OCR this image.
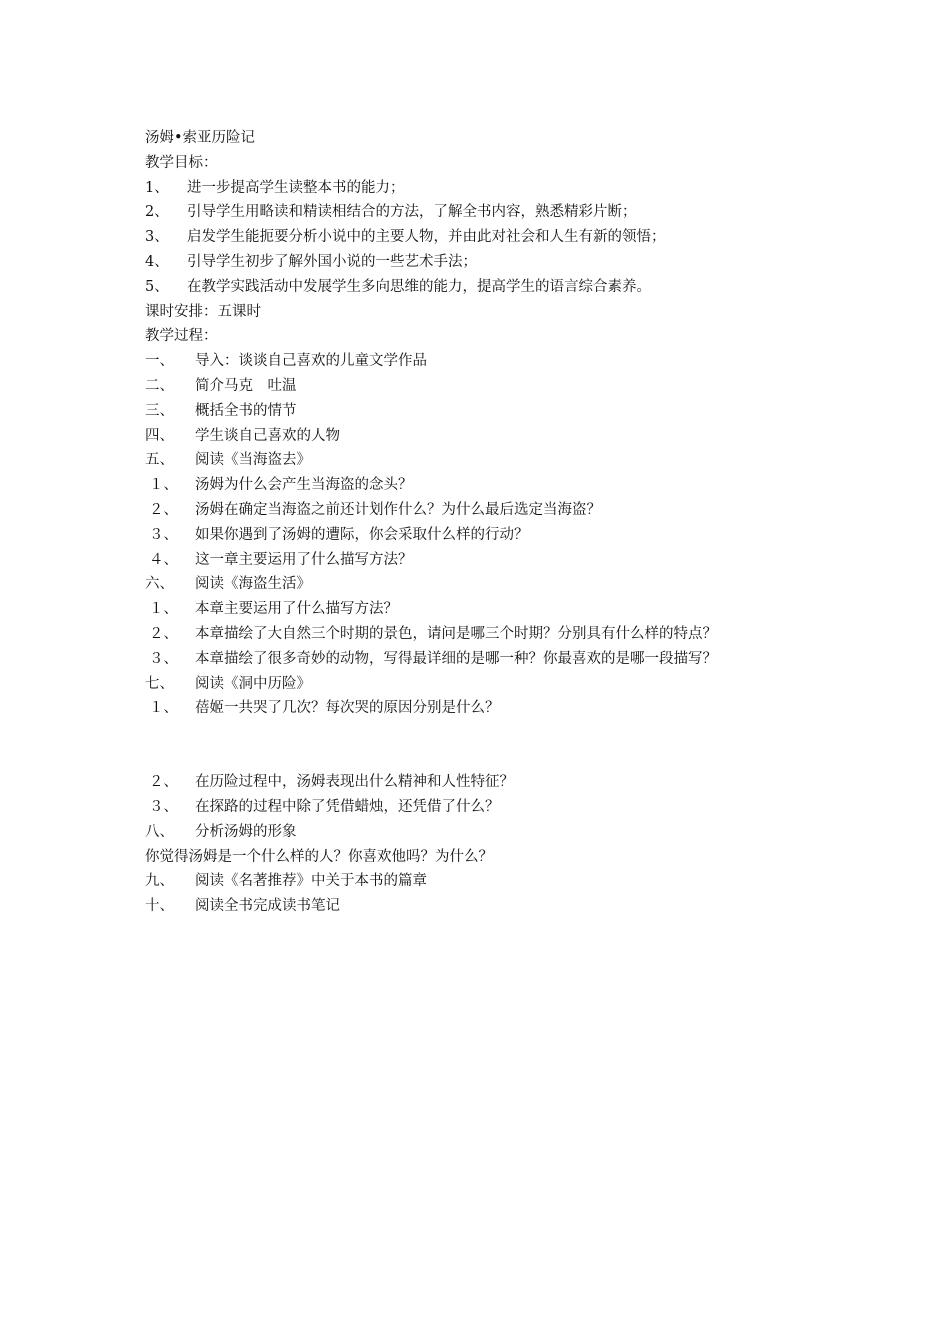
汤姆•索亚历险记
教学目标：
1、 进一步提高学生读整本书的能力；
2、 引导学生用略读和精读相结合的方法，了解全书内容，熟悉精彩片断；
3、 启发学生能扼要分析小说中的主要人物，并由此对社会和人生有新的领悟；
4、 引导学生初步了解外国小说的一些艺术手法；
5、 在教学实践活动中发展学生多向思维的能力，提高学生的语言综合素养。
课时安排：五课时
教学过程：
一、 导入：谈谈自己喜欢的儿童文学作品
二、 简介马克　吐温
三、 概括全书的情节
四、 学生谈自己喜欢的人物
五、 阅读《当海盗去》
１、 汤姆为什么会产生当海盗的念头？
２、 汤姆在确定当海盗之前还计划作什么？为什么最后选定当海盗？
３、 如果你遇到了汤姆的遭际，你会采取什么样的行动？
４、 这一章主要运用了什么描写方法？
六、 阅读《海盗生活》
１、 本章主要运用了什么描写方法？
２、 本章描绘了大自然三个时期的景色，请问是哪三个时期？分别具有什么样的特点？
３、 本章描绘了很多奇妙的动物，写得最详细的是哪一种？你最喜欢的是哪一段描写？
七、 阅读《洞中历险》
１、 蓓姬一共哭了几次？每次哭的原因分别是什么？
２、 在历险过程中，汤姆表现出什么精神和人性特征？
３、 在探路的过程中除了凭借蜡烛，还凭借了什么？
八、 分析汤姆的形象
你觉得汤姆是一个什么样的人？你喜欢他吗？为什么？
九、 阅读《名著推荐》中关于本书的篇章
十、 阅读全书完成读书笔记
